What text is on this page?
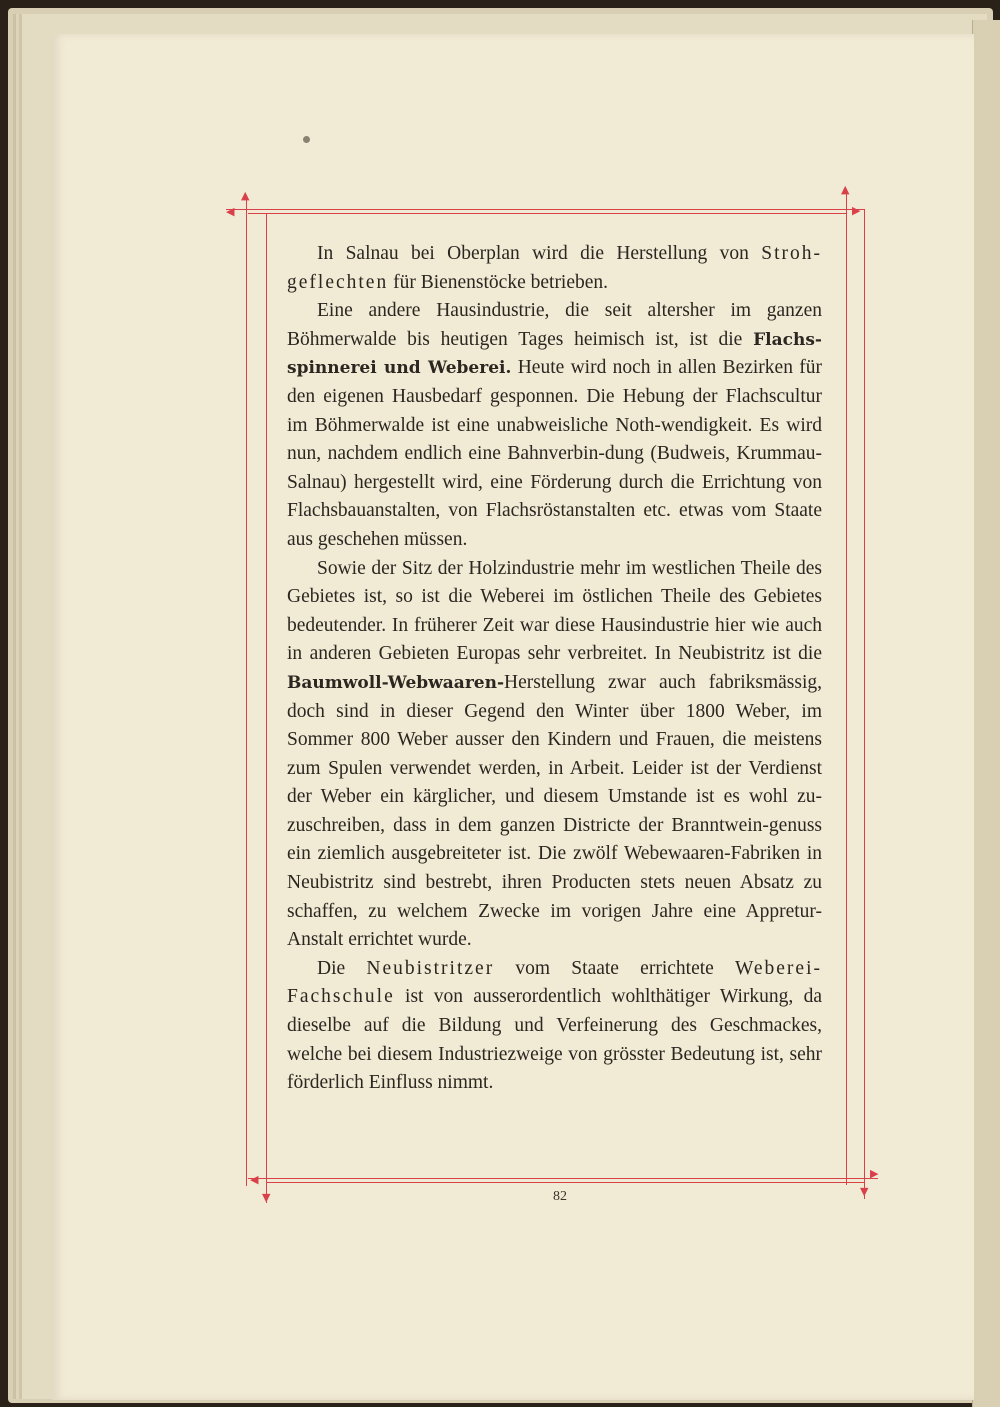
▲
◀
▲
▶
◀
▼
▶
▼

In Salnau bei Oberplan wird die Herstellung von Stroh-geflechten für Bienenstöcke betrieben.

Eine andere Hausindustrie, die seit altersher im ganzen Böhmerwalde bis heutigen Tages heimisch ist, ist die Flachs-spinnerei und Weberei. Heute wird noch in allen Bezirken für den eigenen Hausbedarf gesponnen. Die Hebung der Flachscultur im Böhmerwalde ist eine unabweisliche Noth-wendigkeit. Es wird nun, nachdem endlich eine Bahnverbin-dung (Budweis, Krummau-Salnau) hergestellt wird, eine Förderung durch die Errichtung von Flachsbauanstalten, von Flachsröstanstalten etc. etwas vom Staate aus geschehen müssen.

Sowie der Sitz der Holzindustrie mehr im westlichen Theile des Gebietes ist, so ist die Weberei im östlichen Theile des Gebietes bedeutender. In früherer Zeit war diese Hausindustrie hier wie auch in anderen Gebieten Europas sehr verbreitet. In Neubistritz ist die Baumwoll-Webwaaren-Herstellung zwar auch fabriksmässig, doch sind in dieser Gegend den Winter über 1800 Weber, im Sommer 800 Weber ausser den Kindern und Frauen, die meistens zum Spulen verwendet werden, in Arbeit. Leider ist der Verdienst der Weber ein kärglicher, und diesem Umstande ist es wohl zu-zuschreiben, dass in dem ganzen Districte der Branntwein-genuss ein ziemlich ausgebreiteter ist. Die zwölf Webewaaren-Fabriken in Neubistritz sind bestrebt, ihren Producten stets neuen Absatz zu schaffen, zu welchem Zwecke im vorigen Jahre eine Appretur-Anstalt errichtet wurde.

Die Neubistritzer vom Staate errichtete Weberei-Fachschule ist von ausserordentlich wohlthätiger Wirkung, da dieselbe auf die Bildung und Verfeinerung des Geschmackes, welche bei diesem Industriezweige von grösster Bedeutung ist, sehr förderlich Einfluss nimmt.

82
